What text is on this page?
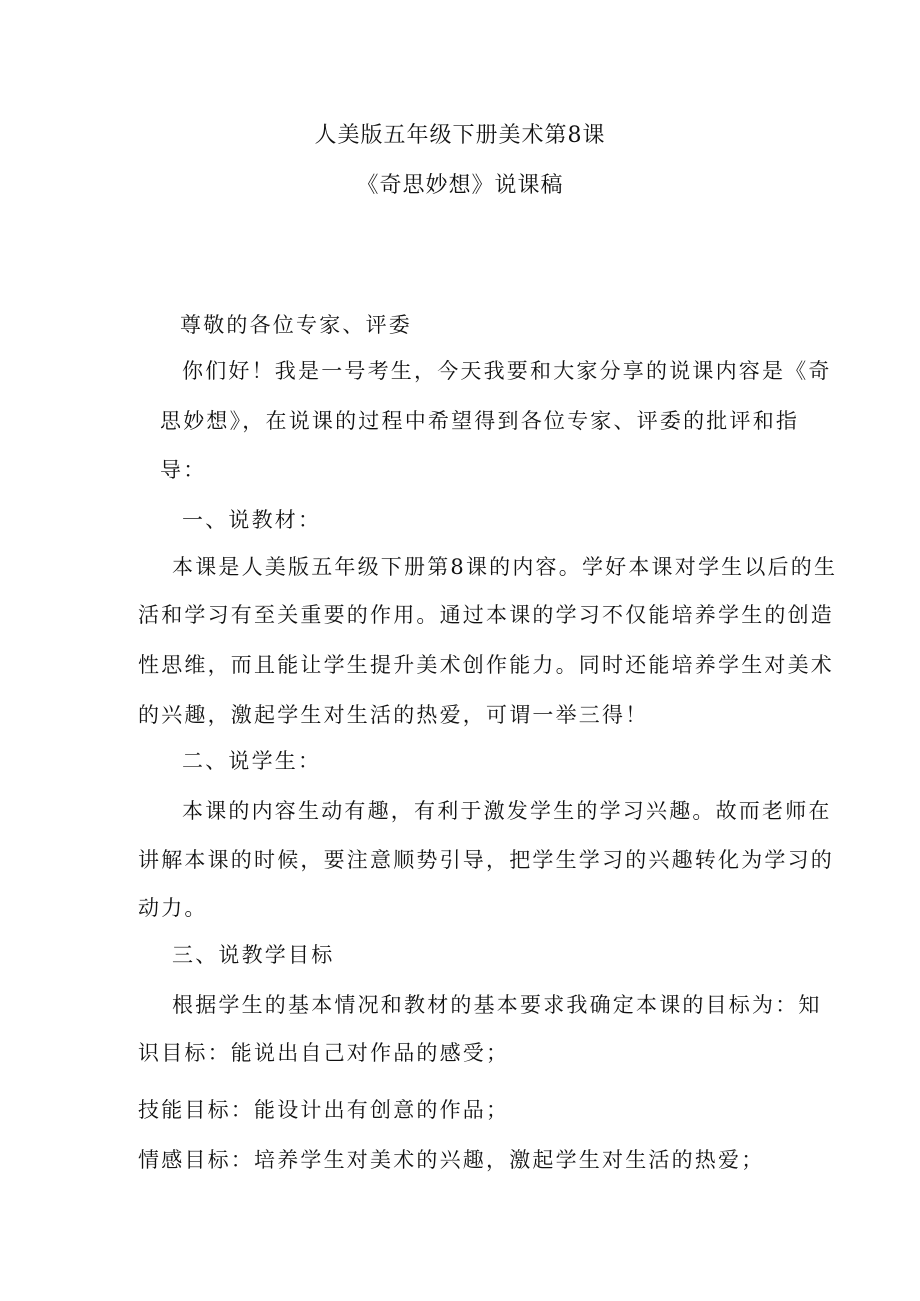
人美版五年级下册美术第8课
《奇思妙想》说课稿
尊敬的各位专家、评委
你们好！我是一号考生，今天我要和大家分享的说课内容是《奇
思妙想》，在说课的过程中希望得到各位专家、评委的批评和指
导：
一、说教材：
本课是人美版五年级下册第8课的内容。学好本课对学生以后的生
活和学习有至关重要的作用。通过本课的学习不仅能培养学生的创造
性思维，而且能让学生提升美术创作能力。同时还能培养学生对美术
的兴趣，激起学生对生活的热爱，可谓一举三得！
二、说学生：
本课的内容生动有趣，有利于激发学生的学习兴趣。故而老师在
讲解本课的时候，要注意顺势引导，把学生学习的兴趣转化为学习的
动力。
三、说教学目标
根据学生的基本情况和教材的基本要求我确定本课的目标为：知
识目标：能说出自己对作品的感受；
技能目标：能设计出有创意的作品；
情感目标：培养学生对美术的兴趣，激起学生对生活的热爱；
